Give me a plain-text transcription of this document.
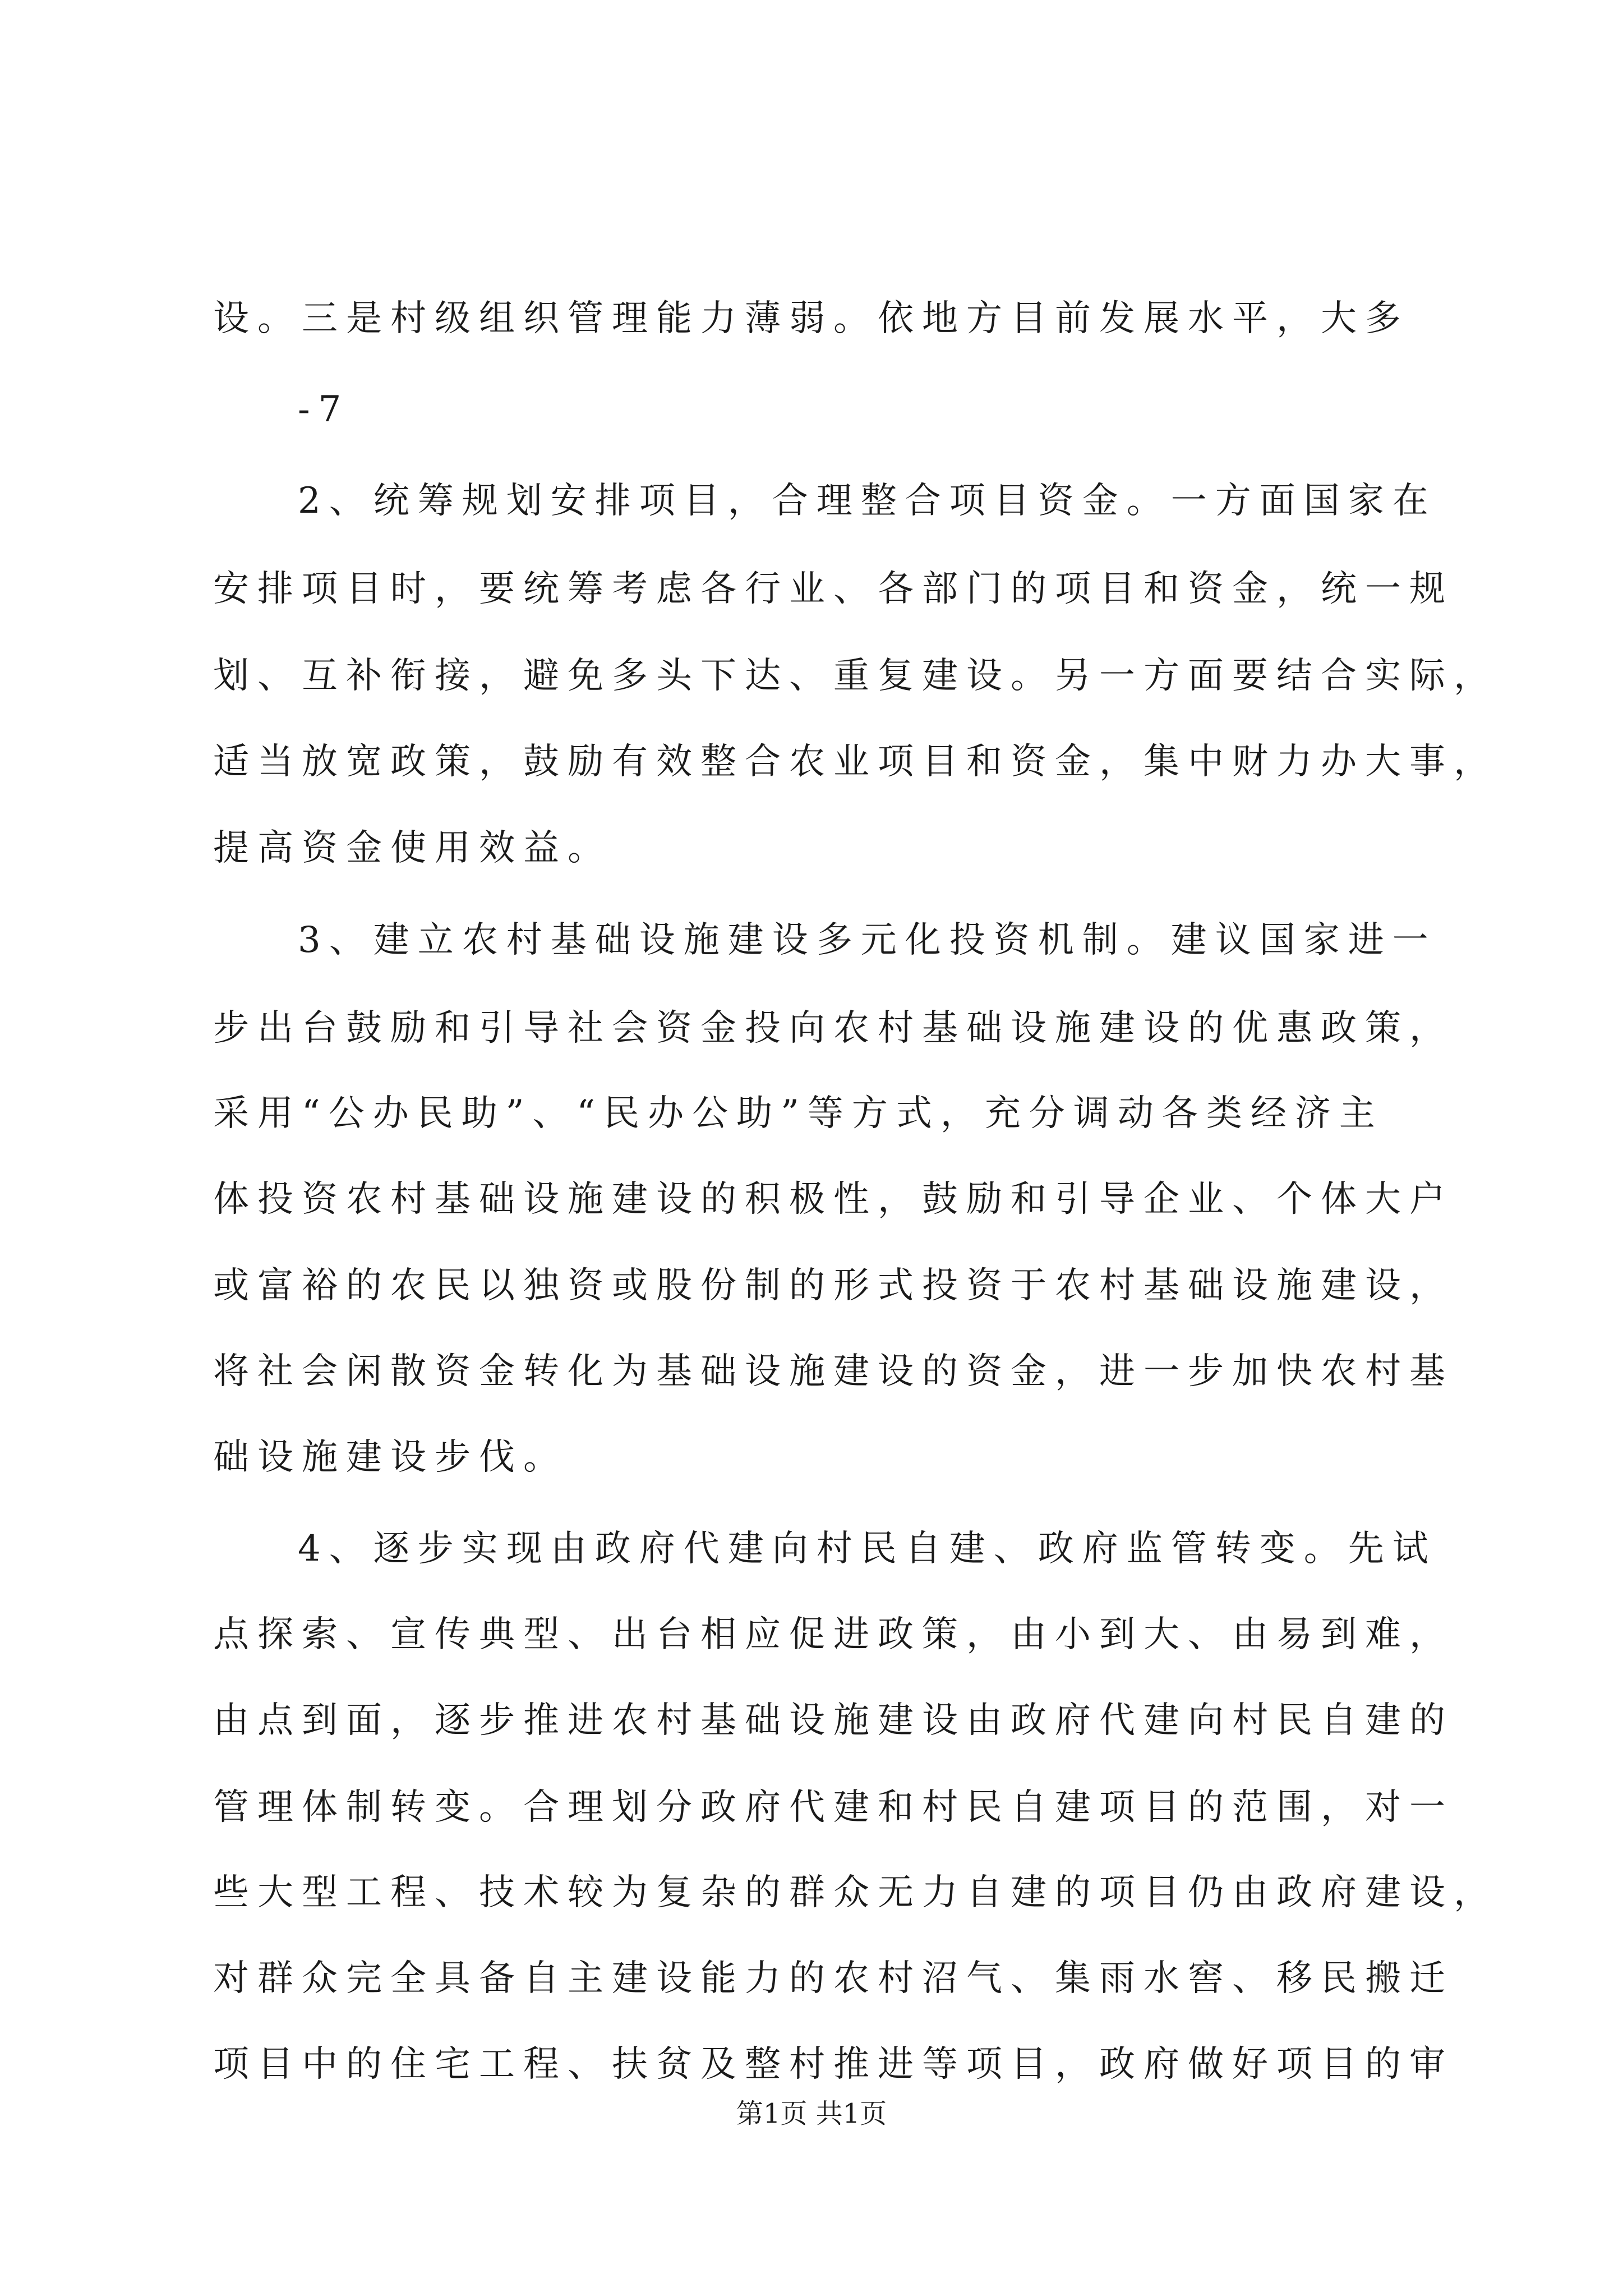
设。三是村级组织管理能力薄弱。依地方目前发展水平，大多
-7
2、统筹规划安排项目，合理整合项目资金。一方面国家在
安排项目时，要统筹考虑各行业、各部门的项目和资金，统一规
划、互补衔接，避免多头下达、重复建设。另一方面要结合实际，
适当放宽政策，鼓励有效整合农业项目和资金，集中财力办大事，
提高资金使用效益。
3、建立农村基础设施建设多元化投资机制。建议国家进一
步出台鼓励和引导社会资金投向农村基础设施建设的优惠政策，
采用“公办民助”、“民办公助”等方式，充分调动各类经济主
体投资农村基础设施建设的积极性，鼓励和引导企业、个体大户
或富裕的农民以独资或股份制的形式投资于农村基础设施建设，
将社会闲散资金转化为基础设施建设的资金，进一步加快农村基
础设施建设步伐。
4、逐步实现由政府代建向村民自建、政府监管转变。先试
点探索、宣传典型、出台相应促进政策，由小到大、由易到难，
由点到面，逐步推进农村基础设施建设由政府代建向村民自建的
管理体制转变。合理划分政府代建和村民自建项目的范围，对一
些大型工程、技术较为复杂的群众无力自建的项目仍由政府建设，
对群众完全具备自主建设能力的农村沼气、集雨水窖、移民搬迁
项目中的住宅工程、扶贫及整村推进等项目，政府做好项目的审
第1页 共1页
